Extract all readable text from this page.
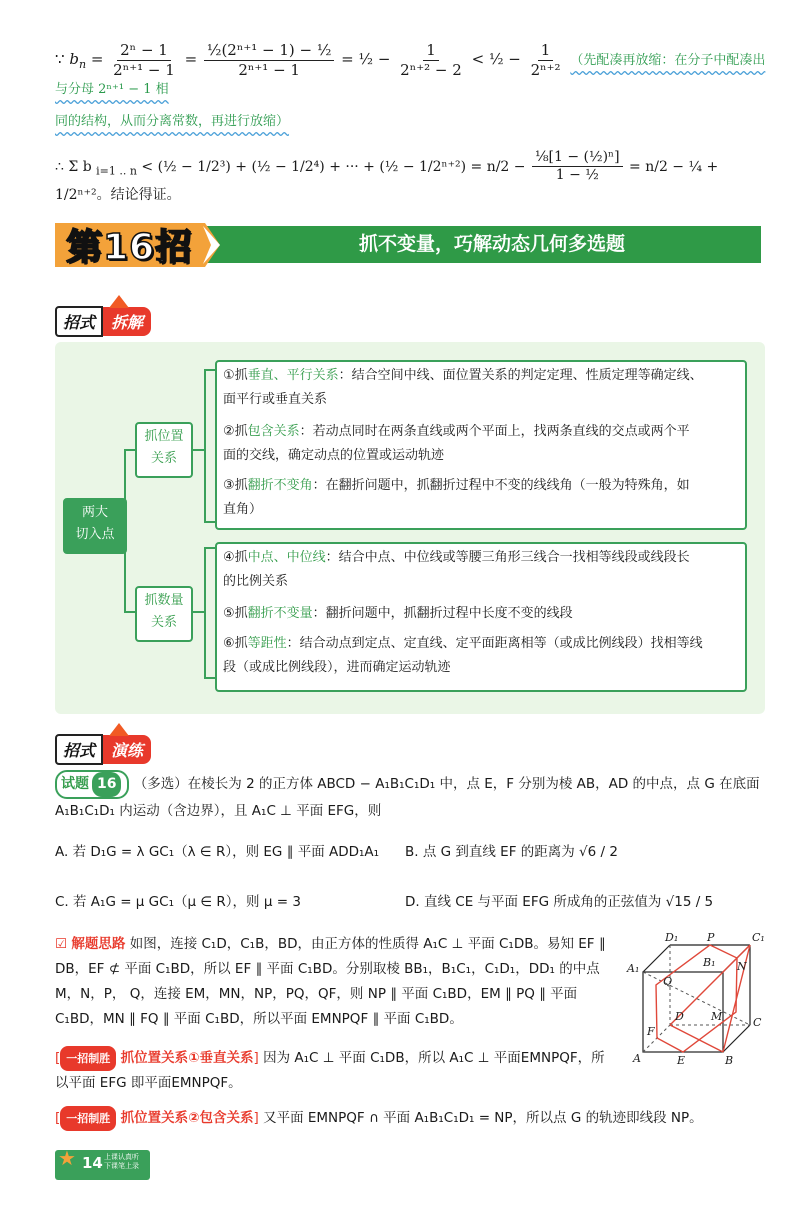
∵ $b_n = \frac{\text{2ⁿ − 1}}{\text{2ⁿ⁺¹ − 1}} = \frac{\text{½(2ⁿ⁺¹ − 1) − ½}}{\text{2ⁿ⁺¹ − 1}}$ = ½ − $\frac{1}{\text{2ⁿ⁺² − 2}}$ < ½ − $\frac{1}{\text{2ⁿ⁺²}}$ （先配凑再放缩：在分子中配凑出与分母 2ⁿ⁺¹ − 1 相
同的结构，从而分离常数，再进行放缩）
∴ Σ b $_{i=1 .. n}$ < (½ − 1/2³) + (½ − 1/2⁴) + ··· + (½ − $1/2^{n+2}) = n/2 - \frac{\text{⅛[1 − (½)ⁿ]}}{\text{1 − ½}} = n/2$ − ¼ + 1/2ⁿ⁺²。结论得证。
第16招	抓不变量，巧解动态几何多选题
招式	拆解
两大
切入点
抓位置
关系
抓数量
关系
①抓垂直、平行关系：结合空间中线、面位置关系的判定定理、性质定理等确定线、
面平行或垂直关系
②抓包含关系：若动点同时在两条直线或两个平面上，找两条直线的交点或两个平
面的交线，确定动点的位置或运动轨迹
③抓翻折不变角：在翻折问题中，抓翻折过程中不变的线线角（一般为特殊角，如
直角）
④抓中点、中位线：结合中点、中位线或等腰三角形三线合一找相等线段或线段长
的比例关系
⑤抓翻折不变量：翻折问题中，抓翻折过程中长度不变的线段
⑥抓等距性：结合动点到定点、定直线、定平面距离相等（或成比例线段）找相等线
段（或成比例线段），进而确定运动轨迹
招式	演练
试题 16	（多选）在棱长为 2 的正方体 ABCD − A₁B₁C₁D₁ 中，点 E，F 分别为棱 AB，AD 的中点，点 G 在底面
A₁B₁C₁D₁ 内运动（含边界），且 A₁C ⊥ 平面 EFG，则
A. 若 D₁G = λ GC₁（λ ∈ R），则 EG ∥ 平面 ADD₁A₁	B. 点 G 到直线 EF 的距离为 √6 / 2
C. 若 A₁G = μ GC₁（μ ∈ R），则 μ = 3	D. 直线 CE 与平面 EFG 所成角的正弦值为 √15 / 5
☑ 解题思路 如图，连接 C₁D，C₁B，BD，由正方体的性质得 A₁C ⊥ 平面 C₁DB。易知 EF ∥ DB，EF ⊄ 平面 C₁BD，所以 EF ∥ 平面 C₁BD。分别取棱 BB₁，B₁C₁，C₁D₁，DD₁ 的中点 M，N，P， Q，连接 EM，MN，NP，PQ，QF，则 NP ∥ 平面 C₁BD，EM ∥ PQ ∥ 平面 C₁BD，MN ∥ FQ ∥ 平面 C₁BD，所以平面 EMNPQF ∥ 平面 C₁BD。
[ 一招制胜 抓位置关系①垂直关系] 因为 A₁C ⊥ 平面 C₁DB，所以 A₁C ⊥ 平面EMNPQF，所
以平面 EFG 即平面EMNPQF。
[ 一招制胜 抓位置关系②包含关系] 又平面 EMNPQF ∩ 平面 A₁B₁C₁D₁ = NP，所以点 G 的轨迹即线段 NP。
D₁	P	C₁
A₁	B₁ N
Q
D M	C
F
A	E	B
★ 14 上课认真听
下课笔上录
